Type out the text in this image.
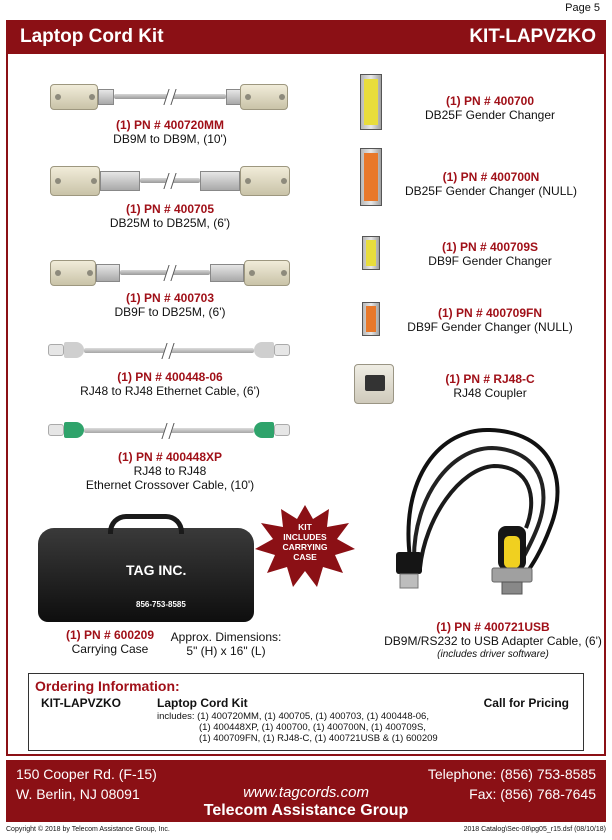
Page 5
Laptop Cord Kit	KIT-LAPVZKO
(1) PN # 400720MM
DB9M to DB9M, (10')
(1) PN # 400705
DB25M to DB25M, (6')
(1) PN # 400703
DB9F to DB25M, (6')
(1) PN # 400448-06
RJ48 to RJ48 Ethernet Cable, (6')
(1) PN # 400448XP
RJ48 to RJ48
Ethernet Crossover Cable, (10')
(1) PN # 400700
DB25F Gender Changer
(1) PN # 400700N
DB25F Gender Changer (NULL)
(1) PN # 400709S
DB9F Gender Changer
(1) PN # 400709FN
DB9F Gender Changer (NULL)
(1) PN # RJ48-C
RJ48 Coupler
(1) PN # 400721USB
DB9M/RS232 to USB Adapter Cable, (6')
(includes driver software)
KIT
INCLUDES
CARRYING
CASE
TAG INC.
856-753-8585
(1) PN # 600209
Carrying Case
Approx. Dimensions:
5" (H) x 16" (L)
Ordering Information:
KIT-LAPVZKO	Laptop Cord Kit	Call for Pricing
includes: (1) 400720MM, (1) 400705, (1) 400703, (1) 400448-06,
(1) 400448XP, (1) 400700, (1) 400700N, (1) 400709S,
(1) 400709FN, (1) RJ48-C, (1) 400721USB & (1) 600209
150 Cooper Rd. (F-15)
W. Berlin, NJ 08091	www.tagcords.com
Telephone: (856) 753-8585
Fax: (856) 768-7645
Telecom Assistance Group
Copyright © 2018 by Telecom Assistance Group, Inc.	2018 Catalog\Sec-08\pg05_r15.dsf (08/10/18)
